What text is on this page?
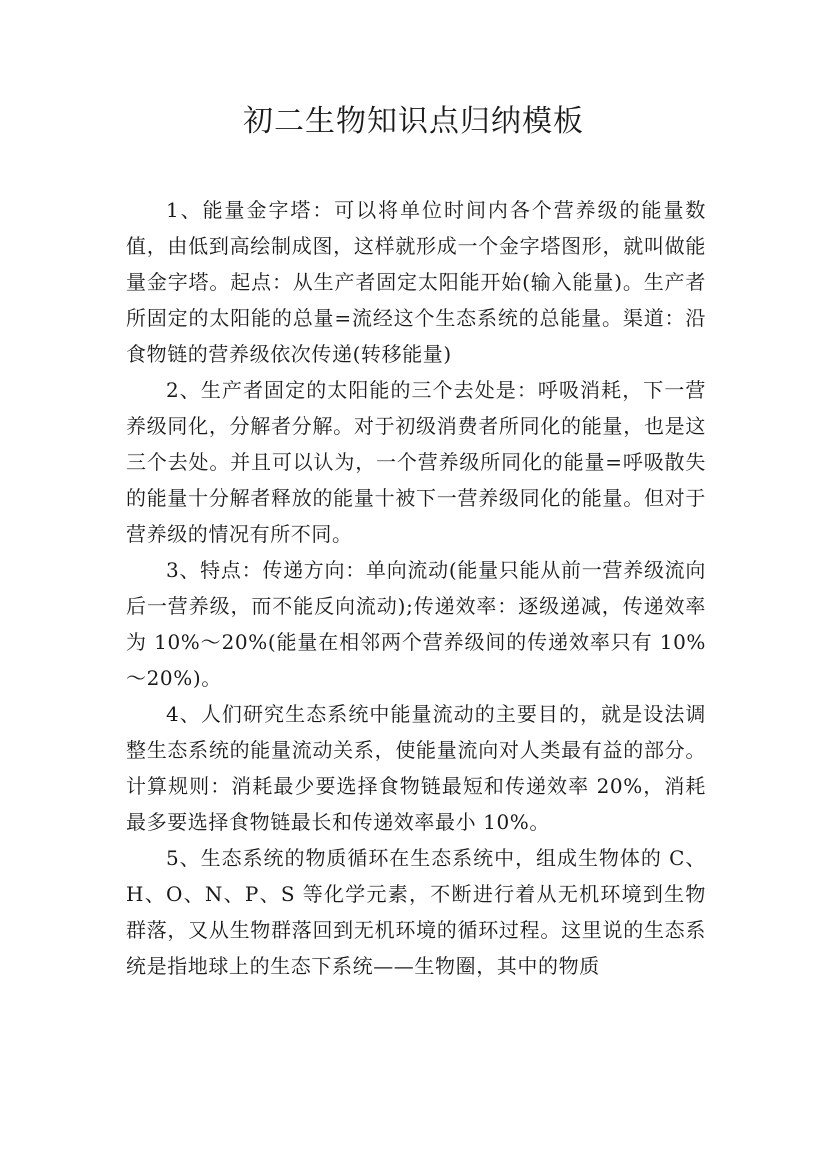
初二生物知识点归纳模板

1、能量金字塔：可以将单位时间内各个营养级的能量数值，由低到高绘制成图，这样就形成一个金字塔图形，就叫做能量金字塔。起点：从生产者固定太阳能开始(输入能量)。生产者所固定的太阳能的总量=流经这个生态系统的总能量。渠道：沿食物链的营养级依次传递(转移能量)

2、生产者固定的太阳能的三个去处是：呼吸消耗，下一营养级同化，分解者分解。对于初级消费者所同化的能量，也是这三个去处。并且可以认为，一个营养级所同化的能量=呼吸散失的能量十分解者释放的能量十被下一营养级同化的能量。但对于营养级的情况有所不同。

3、特点：传递方向：单向流动(能量只能从前一营养级流向后一营养级，而不能反向流动);传递效率：逐级递减，传递效率为 10%～20%(能量在相邻两个营养级间的传递效率只有 10%～20%)。

4、人们研究生态系统中能量流动的主要目的，就是设法调整生态系统的能量流动关系，使能量流向对人类最有益的部分。计算规则：消耗最少要选择食物链最短和传递效率 20%，消耗最多要选择食物链最长和传递效率最小 10%。

5、生态系统的物质循环在生态系统中，组成生物体的 C、H、O、N、P、S 等化学元素，不断进行着从无机环境到生物群落，又从生物群落回到无机环境的循环过程。这里说的生态系统是指地球上的生态下系统——生物圈，其中的物质
